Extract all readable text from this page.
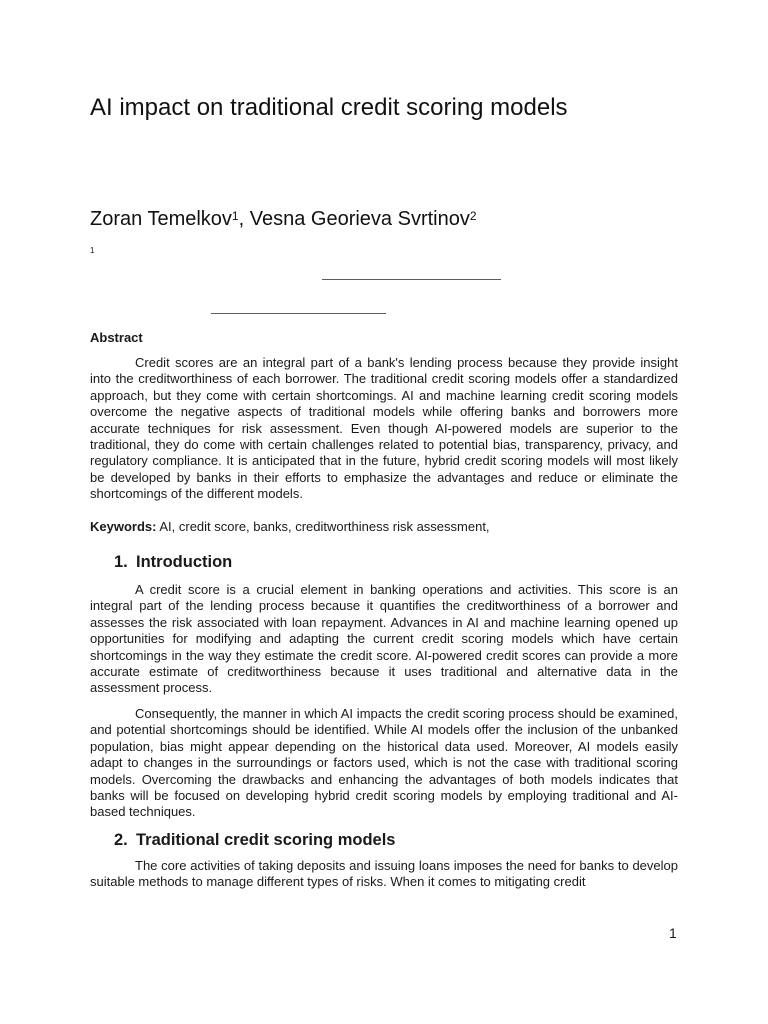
AI impact on traditional credit scoring models
Zoran Temelkov$^1$, Vesna Georieva Svrtinov$^2$
1

Abstract

Credit scores are an integral part of a bank's lending process because they provide insight into the creditworthiness of each borrower. The traditional credit scoring models offer a standardized approach, but they come with certain shortcomings. AI and machine learning credit scoring models overcome the negative aspects of traditional models while offering banks and borrowers more accurate techniques for risk assessment. Even though AI-powered models are superior to the traditional, they do come with certain challenges related to potential bias, transparency, privacy, and regulatory compliance. It is anticipated that in the future, hybrid credit scoring models will most likely be developed by banks in their efforts to emphasize the advantages and reduce or eliminate the shortcomings of the different models.

Keywords: AI, credit score, banks, creditworthiness risk assessment,

1. Introduction

A credit score is a crucial element in banking operations and activities. This score is an integral part of the lending process because it quantifies the creditworthiness of a borrower and assesses the risk associated with loan repayment. Advances in AI and machine learning opened up opportunities for modifying and adapting the current credit scoring models which have certain shortcomings in the way they estimate the credit score. AI-powered credit scores can provide a more accurate estimate of creditworthiness because it uses traditional and alternative data in the assessment process.

Consequently, the manner in which AI impacts the credit scoring process should be examined, and potential shortcomings should be identified. While AI models offer the inclusion of the unbanked population, bias might appear depending on the historical data used. Moreover, AI models easily adapt to changes in the surroundings or factors used, which is not the case with traditional scoring models. Overcoming the drawbacks and enhancing the advantages of both models indicates that banks will be focused on developing hybrid credit scoring models by employing traditional and AI-based techniques.

2. Traditional credit scoring models

The core activities of taking deposits and issuing loans imposes the need for banks to develop suitable methods to manage different types of risks. When it comes to mitigating credit

1
